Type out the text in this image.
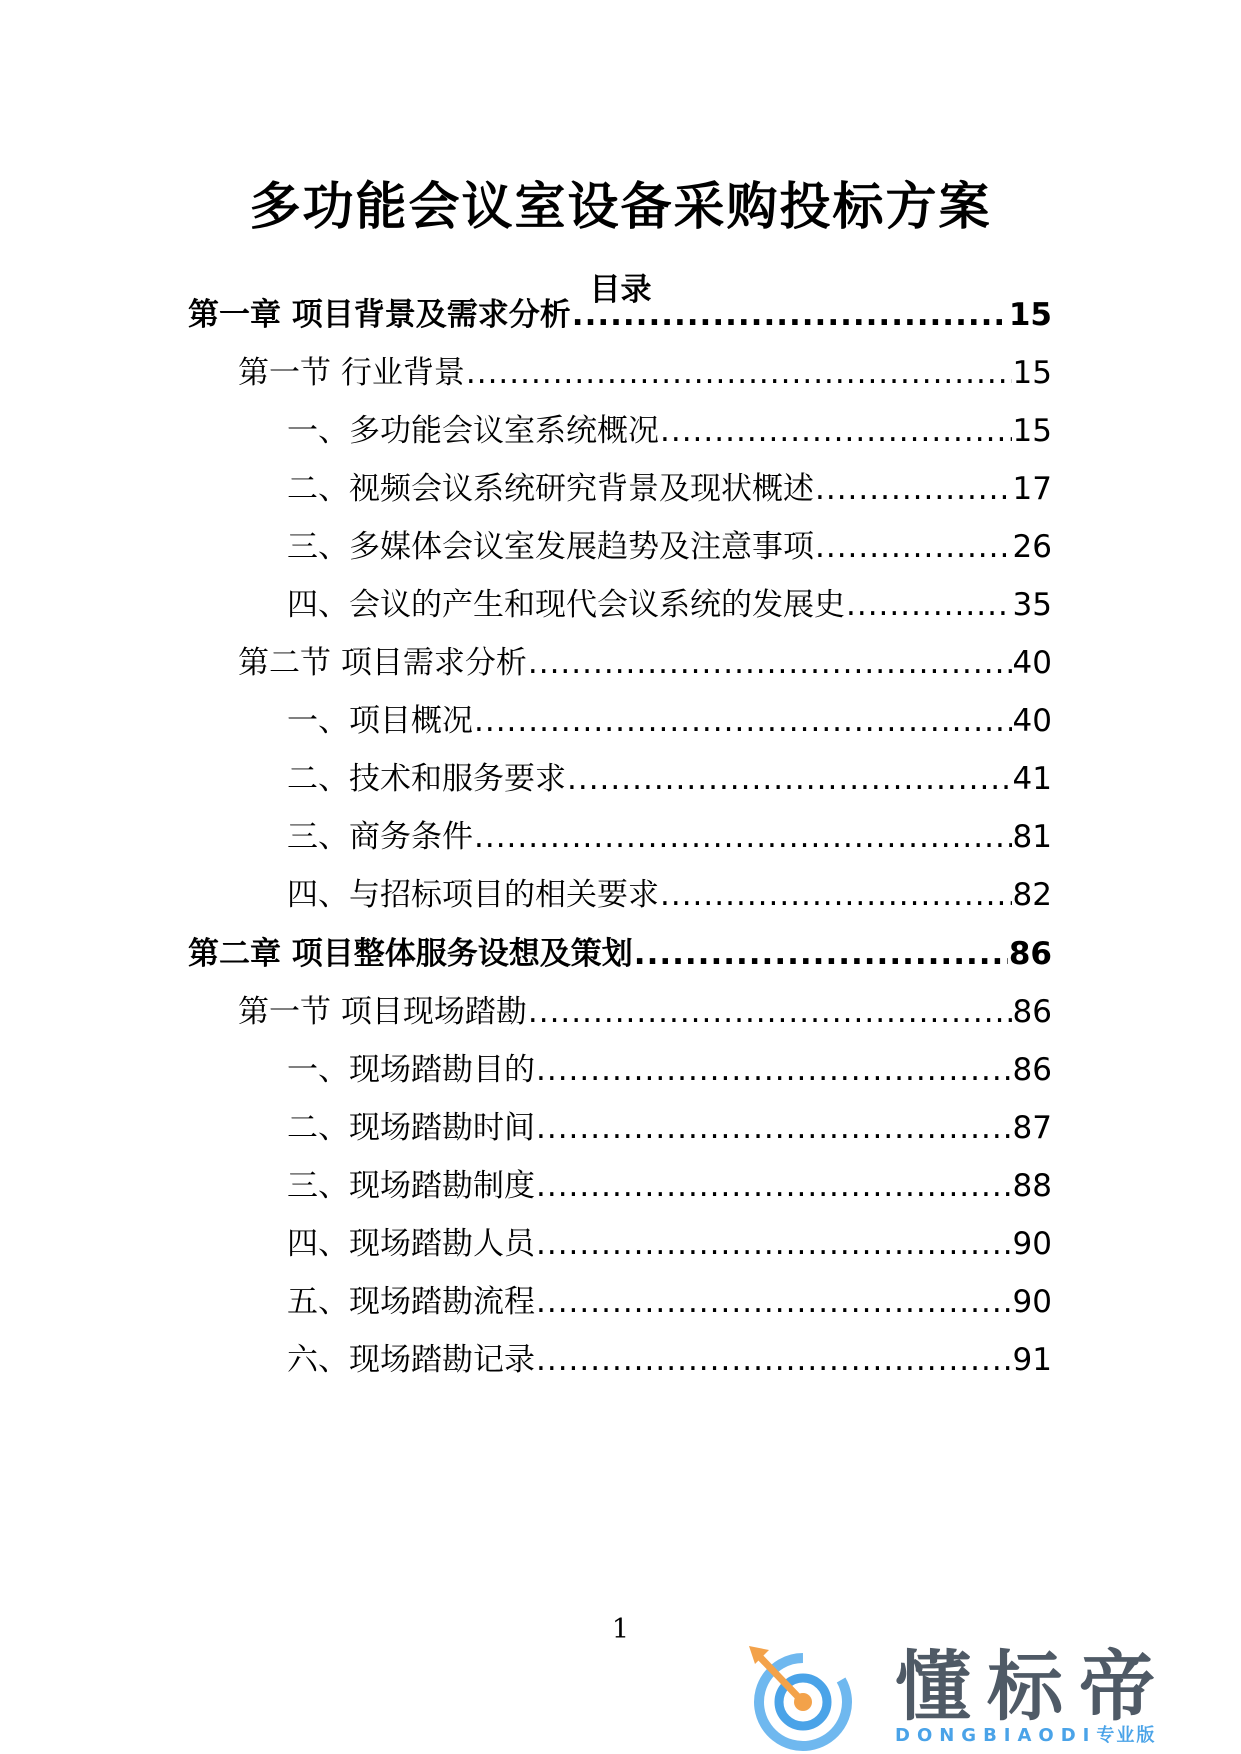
多功能会议室设备采购投标方案
目录
第一章 项目背景及需求分析 .....	15
第一节 行业背景 .....	15
一、多功能会议室系统概况 .....	15
二、视频会议系统研究背景及现状概述 .....	17
三、多媒体会议室发展趋势及注意事项 .....	26
四、会议的产生和现代会议系统的发展史 .....	35
第二节 项目需求分析 .....	40
一、项目概况 .....	40
二、技术和服务要求 .....	41
三、商务条件 .....	81
四、与招标项目的相关要求 .....	82
第二章 项目整体服务设想及策划 .....	86
第一节 项目现场踏勘 .....	86
一、现场踏勘目的 .....	86
二、现场踏勘时间 .....	87
三、现场踏勘制度 .....	88
四、现场踏勘人员 .....	90
五、现场踏勘流程 .....	90
六、现场踏勘记录 .....	91
1
懂标帝
DONGBIAODI专业版
